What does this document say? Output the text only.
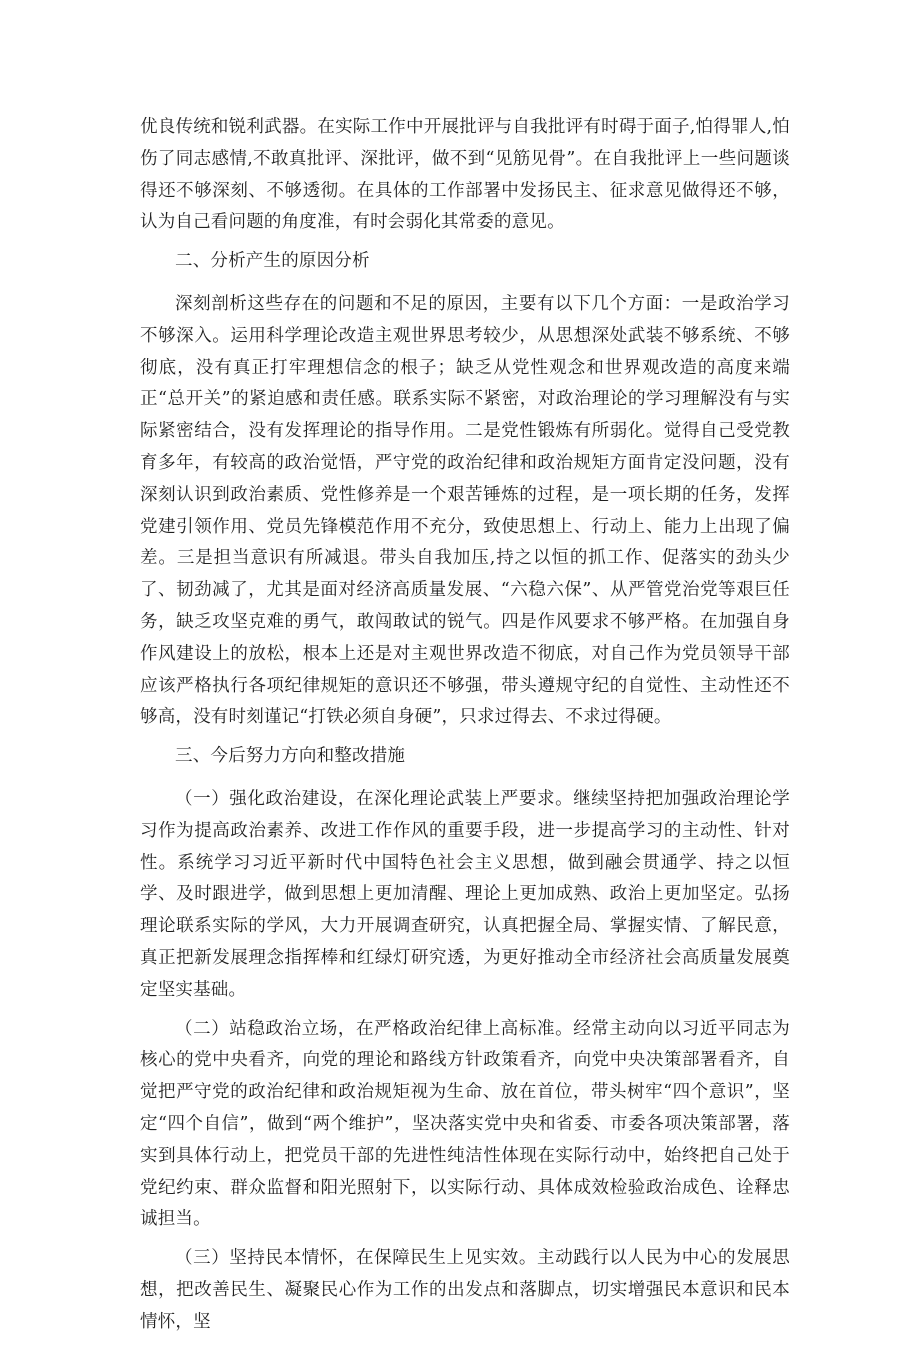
优良传统和锐利武器。在实际工作中开展批评与自我批评有时碍于面子,怕得罪人,怕伤了同志感情,不敢真批评、深批评，做不到“见筋见骨”。在自我批评上一些问题谈得还不够深刻、不够透彻。在具体的工作部署中发扬民主、征求意见做得还不够，认为自己看问题的角度准，有时会弱化其常委的意见。

二、分析产生的原因分析

深刻剖析这些存在的问题和不足的原因，主要有以下几个方面：一是政治学习不够深入。运用科学理论改造主观世界思考较少，从思想深处武装不够系统、不够彻底，没有真正打牢理想信念的根子；缺乏从党性观念和世界观改造的高度来端正“总开关”的紧迫感和责任感。联系实际不紧密，对政治理论的学习理解没有与实际紧密结合，没有发挥理论的指导作用。二是党性锻炼有所弱化。觉得自己受党教育多年，有较高的政治觉悟，严守党的政治纪律和政治规矩方面肯定没问题，没有深刻认识到政治素质、党性修养是一个艰苦锤炼的过程，是一项长期的任务，发挥党建引领作用、党员先锋模范作用不充分，致使思想上、行动上、能力上出现了偏差。三是担当意识有所减退。带头自我加压,持之以恒的抓工作、促落实的劲头少了、韧劲减了，尤其是面对经济高质量发展、“六稳六保”、从严管党治党等艰巨任务，缺乏攻坚克难的勇气，敢闯敢试的锐气。四是作风要求不够严格。在加强自身作风建设上的放松，根本上还是对主观世界改造不彻底，对自己作为党员领导干部应该严格执行各项纪律规矩的意识还不够强，带头遵规守纪的自觉性、主动性还不够高，没有时刻谨记“打铁必须自身硬”，只求过得去、不求过得硬。

三、今后努力方向和整改措施

（一）强化政治建设，在深化理论武装上严要求。继续坚持把加强政治理论学习作为提高政治素养、改进工作作风的重要手段，进一步提高学习的主动性、针对性。系统学习习近平新时代中国特色社会主义思想，做到融会贯通学、持之以恒学、及时跟进学，做到思想上更加清醒、理论上更加成熟、政治上更加坚定。弘扬理论联系实际的学风，大力开展调查研究，认真把握全局、掌握实情、了解民意，真正把新发展理念指挥棒和红绿灯研究透，为更好推动全市经济社会高质量发展奠定坚实基础。

（二）站稳政治立场，在严格政治纪律上高标准。经常主动向以习近平同志为核心的党中央看齐，向党的理论和路线方针政策看齐，向党中央决策部署看齐，自觉把严守党的政治纪律和政治规矩视为生命、放在首位，带头树牢“四个意识”，坚定“四个自信”，做到“两个维护”，坚决落实党中央和省委、市委各项决策部署，落实到具体行动上，把党员干部的先进性纯洁性体现在实际行动中，始终把自己处于党纪约束、群众监督和阳光照射下，以实际行动、具体成效检验政治成色、诠释忠诚担当。

（三）坚持民本情怀，在保障民生上见实效。主动践行以人民为中心的发展思想，把改善民生、凝聚民心作为工作的出发点和落脚点，切实增强民本意识和民本情怀，坚
